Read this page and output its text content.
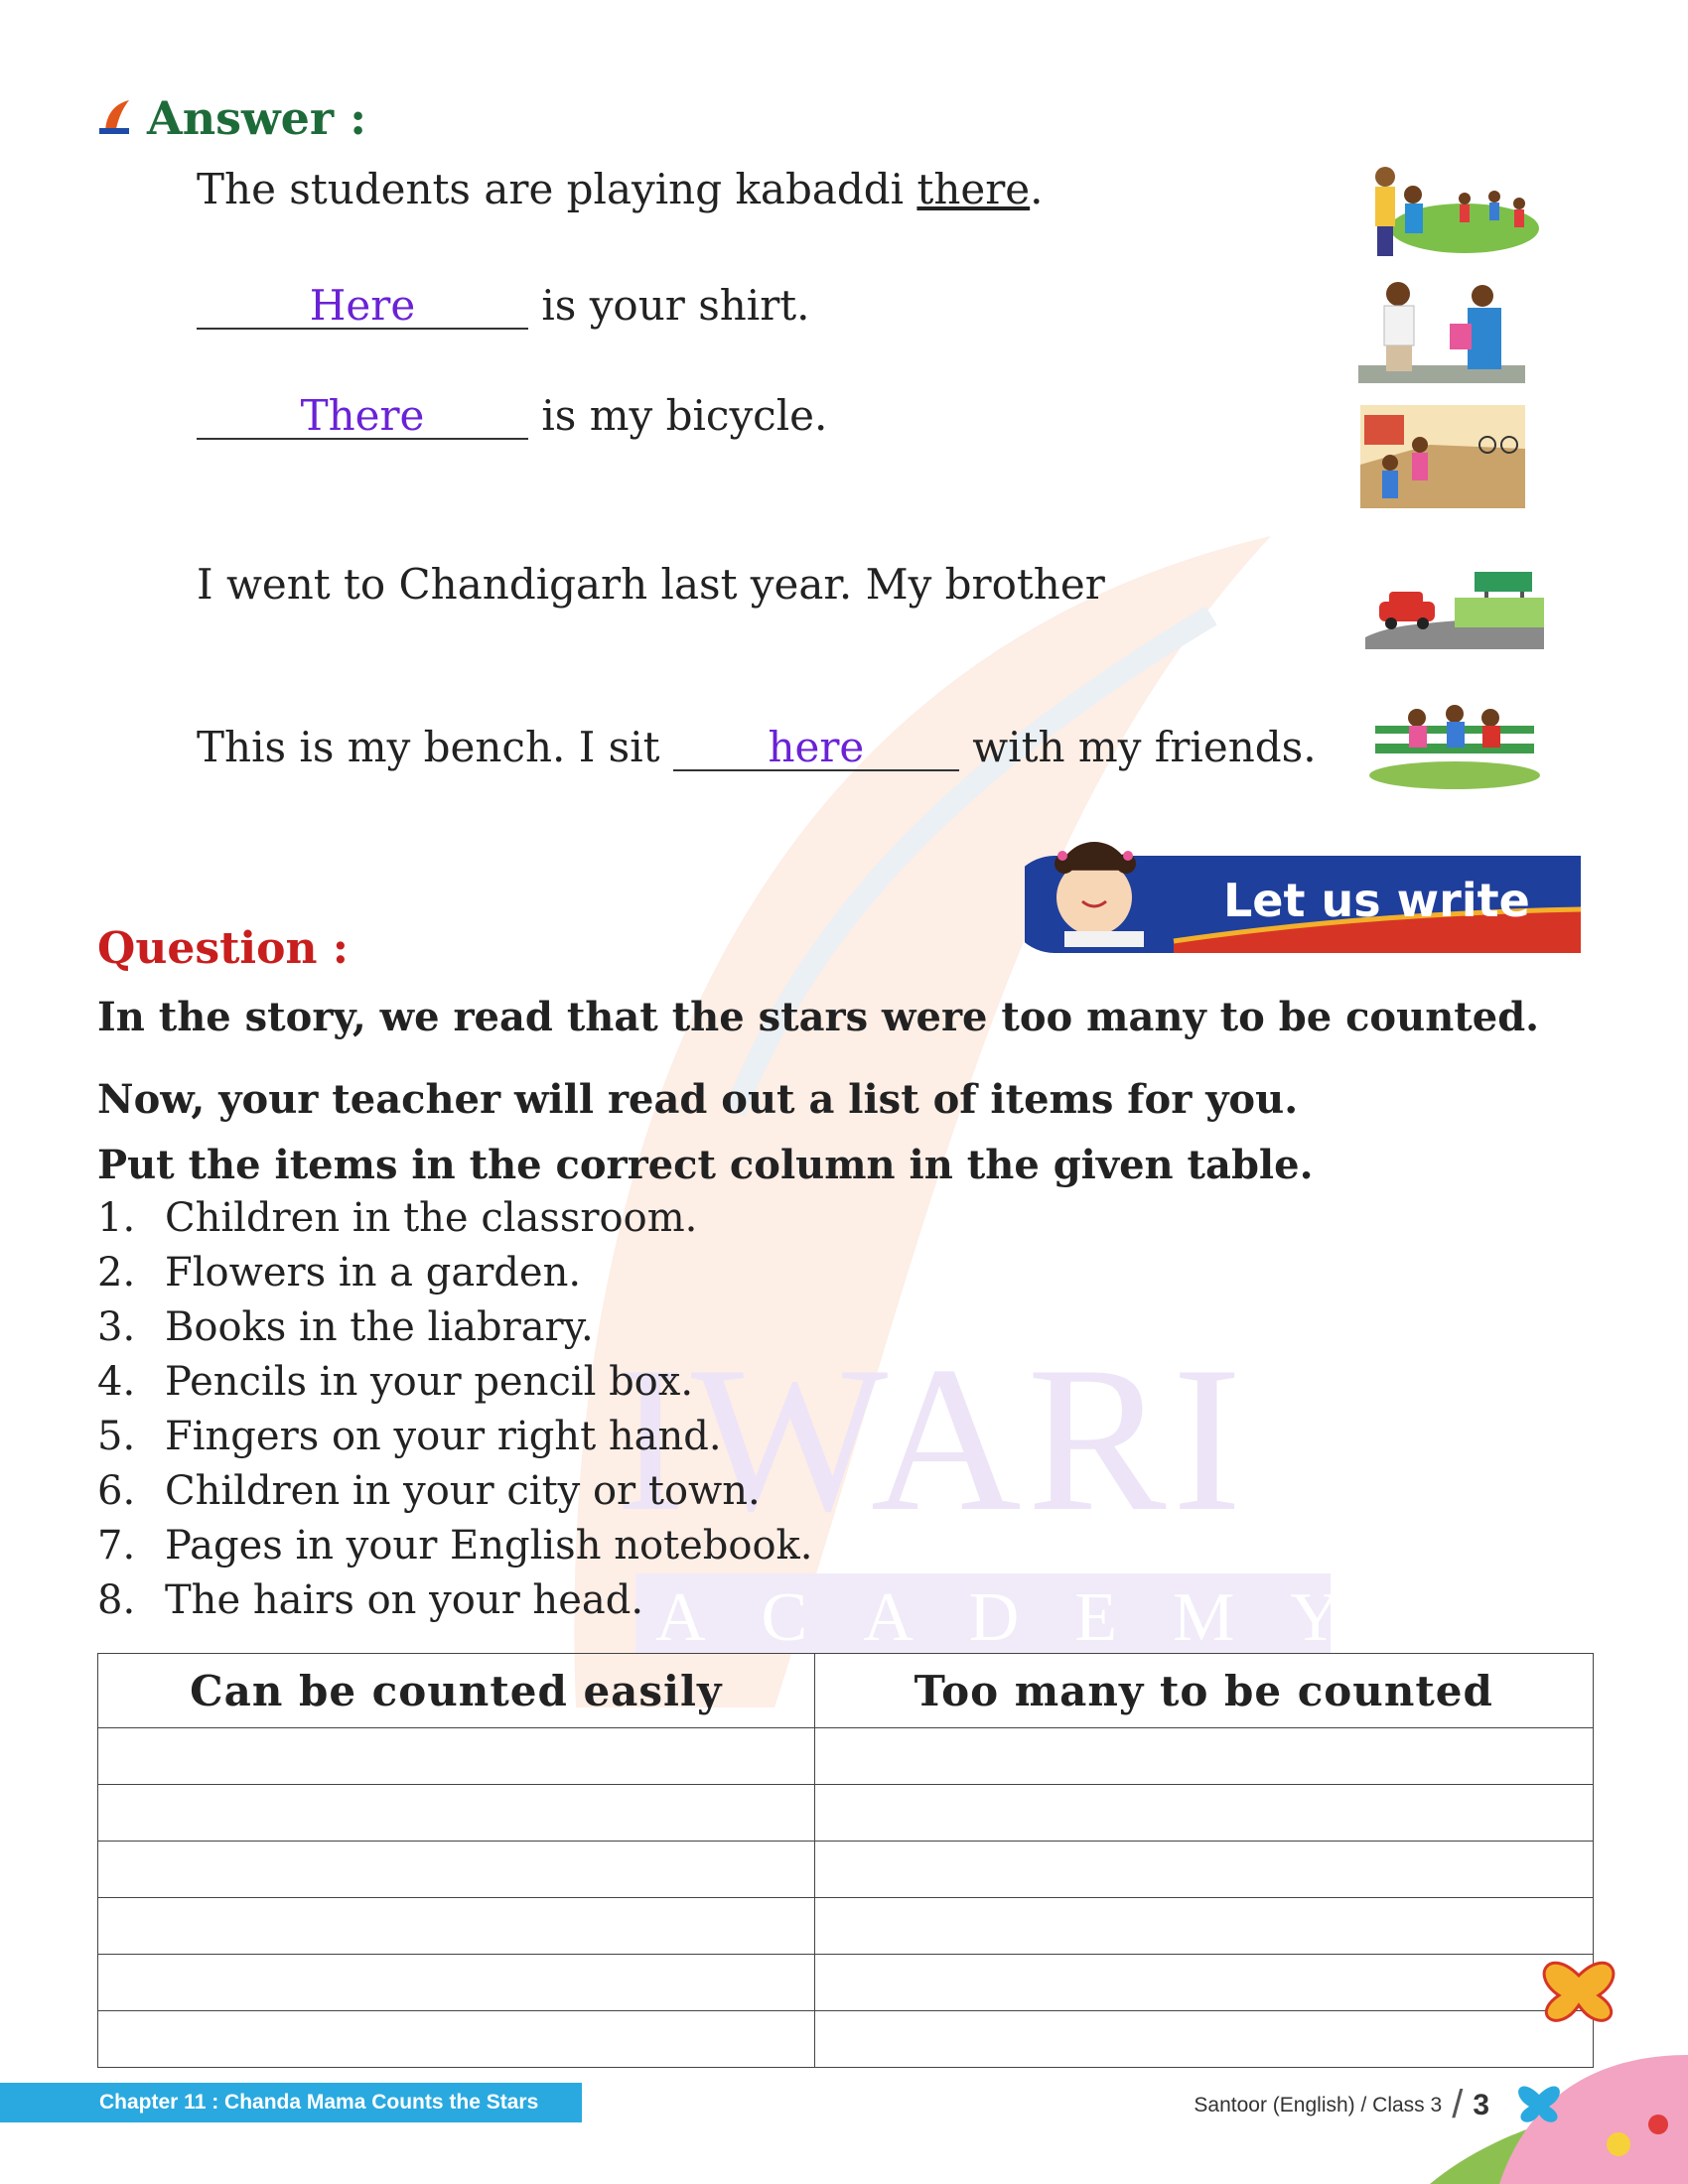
IWARI
ACADEMY
Answer :
The students are playing kabaddi there.
Here	is your shirt.
There	is my bicycle.
I went to Chandigarh last year. My brother
This is my bench. I sit	here	with my friends.
Let us write
Question :
In the story, we read that the stars were too many to be counted.
Now, your teacher will read out a list of items for you.
Put the items in the correct column in the given table.
1. Children in the classroom.
2. Flowers in a garden.
3. Books in the liabrary.
4. Pencils in your pencil box.
5. Fingers on your right hand.
6. Children in your city or town.
7. Pages in your English notebook.
8. The hairs on your head.
Can be counted easily	Too many to be counted

Chapter 11 : Chanda Mama Counts the Stars	Santoor (English) / Class 3 / 3
